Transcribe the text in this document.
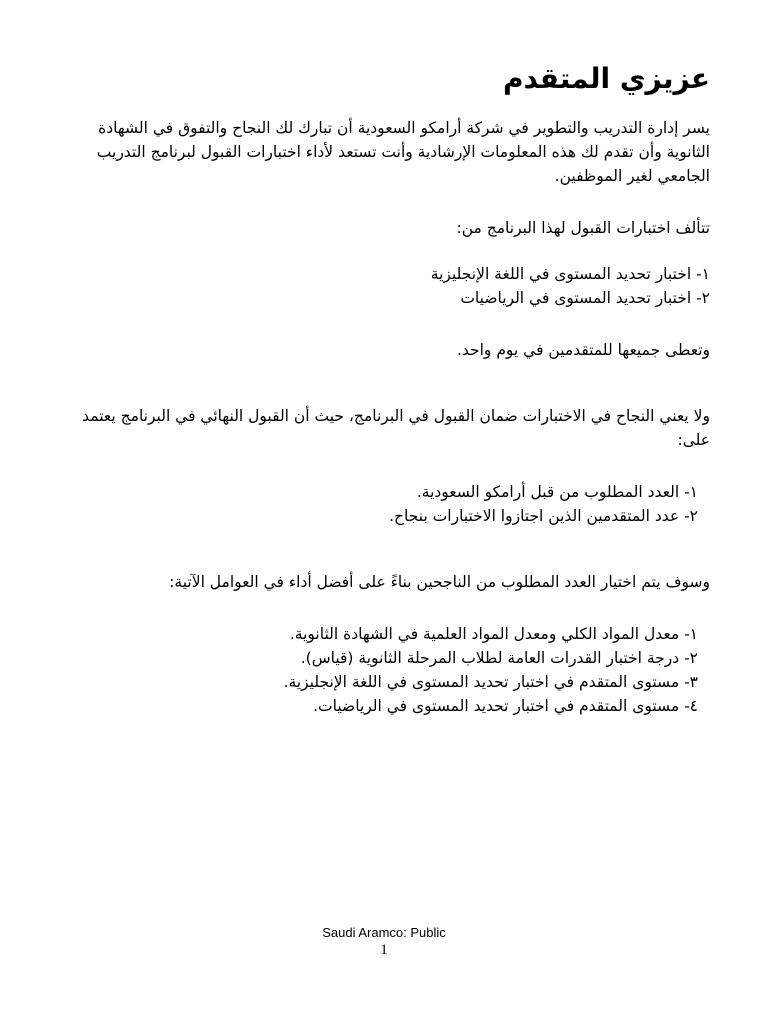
عزيزي المتقدم

يسر إدارة التدريب والتطوير في شركة أرامكو السعودية أن تبارك لك النجاح والتفوق في الشهادة الثانوية وأن تقدم لك هذه المعلومات الإرشادية وأنت تستعد لأداء اختبارات القبول لبرنامج التدريب الجامعي لغير الموظفين.

تتألف اختبارات القبول لهذا البرنامج من:

١- اختبار تحديد المستوى في اللغة الإنجليزية

٢- اختبار تحديد المستوى في الرياضيات

وتعطى جميعها للمتقدمين في يوم واحد.

ولا يعني النجاح في الاختبارات ضمان القبول في البرنامج، حيث أن القبول النهائي في البرنامج يعتمد على:

١- العدد المطلوب من قبل أرامكو السعودية.

٢- عدد المتقدمين الذين اجتازوا الاختبارات بنجاح.

وسوف يتم اختيار العدد المطلوب من الناجحين بناءً على أفضل أداء في العوامل الآتية:

١- معدل المواد الكلي ومعدل المواد العلمية في الشهادة الثانوية.

٢- درجة اختبار القدرات العامة لطلاب المرحلة الثانوية (قياس).

٣- مستوى المتقدم في اختبار تحديد المستوى في اللغة الإنجليزية.

٤- مستوى المتقدم في اختبار تحديد المستوى في الرياضيات.

Saudi Aramco: Public
1
